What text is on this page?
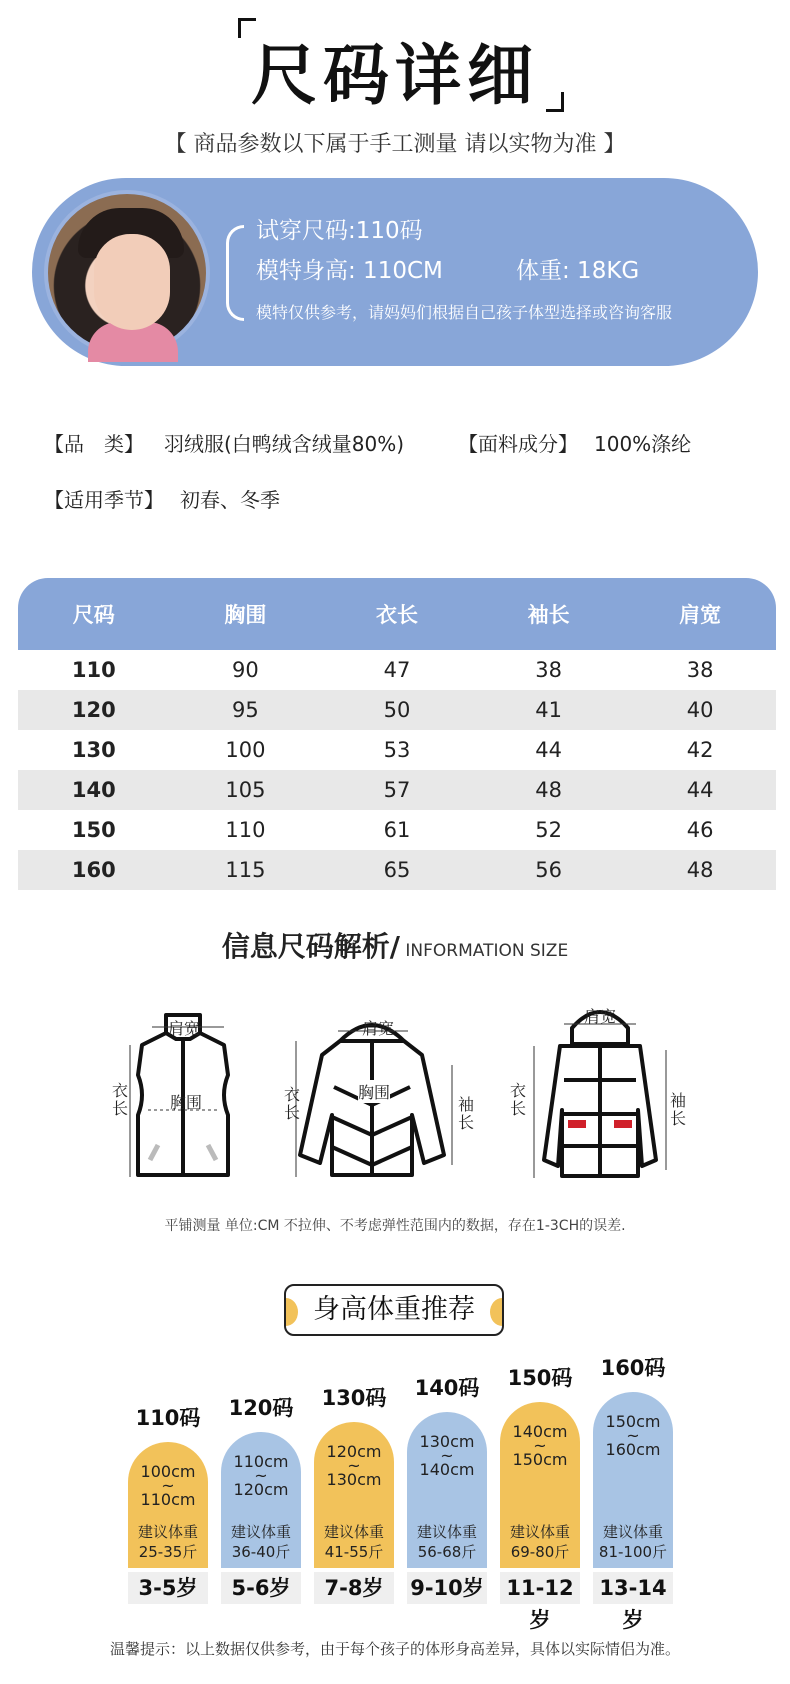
尺码详细
【 商品参数以下属于手工测量 请以实物为准 】
试穿尺码:110码
模特身高: 110CM	体重: 18KG
模特仅供参考，请妈妈们根据自己孩子体型选择或咨询客服
【品　类】 羽绒服(白鸭绒含绒量80%)	【面料成分】 100%涤纶
【适用季节】 初春、冬季
尺码	胸围	衣长	袖长	肩宽
110	90	47	38	38
120	95	50	41	40
130	100	53	44	42
140	105	57	48	44
150	110	61	52	46
160	115	65	56	48
信息尺码解析/ INFORMATION SIZE
肩宽
衣长	胸围
肩宽
胸围
衣长	袖长
肩宽
衣长	袖长
平铺测量 单位:CM 不拉伸、不考虑弹性范围内的数据，存在1-3CH的误差.
身高体重推荐
110码
100cm
~
110cm
建议体重
25-35斤
3-5岁
120码
110cm
~
120cm
建议体重
36-40斤
5-6岁
130码
120cm
~
130cm
建议体重
41-55斤
7-8岁
140码
130cm
~
140cm
建议体重
56-68斤
9-10岁
150码
140cm
~
150cm
建议体重
69-80斤
11-12岁
160码
150cm
~
160cm
建议体重
81-100斤
13-14岁
温馨提示：以上数据仅供参考，由于每个孩子的体形身高差异，具体以实际情侣为准。
